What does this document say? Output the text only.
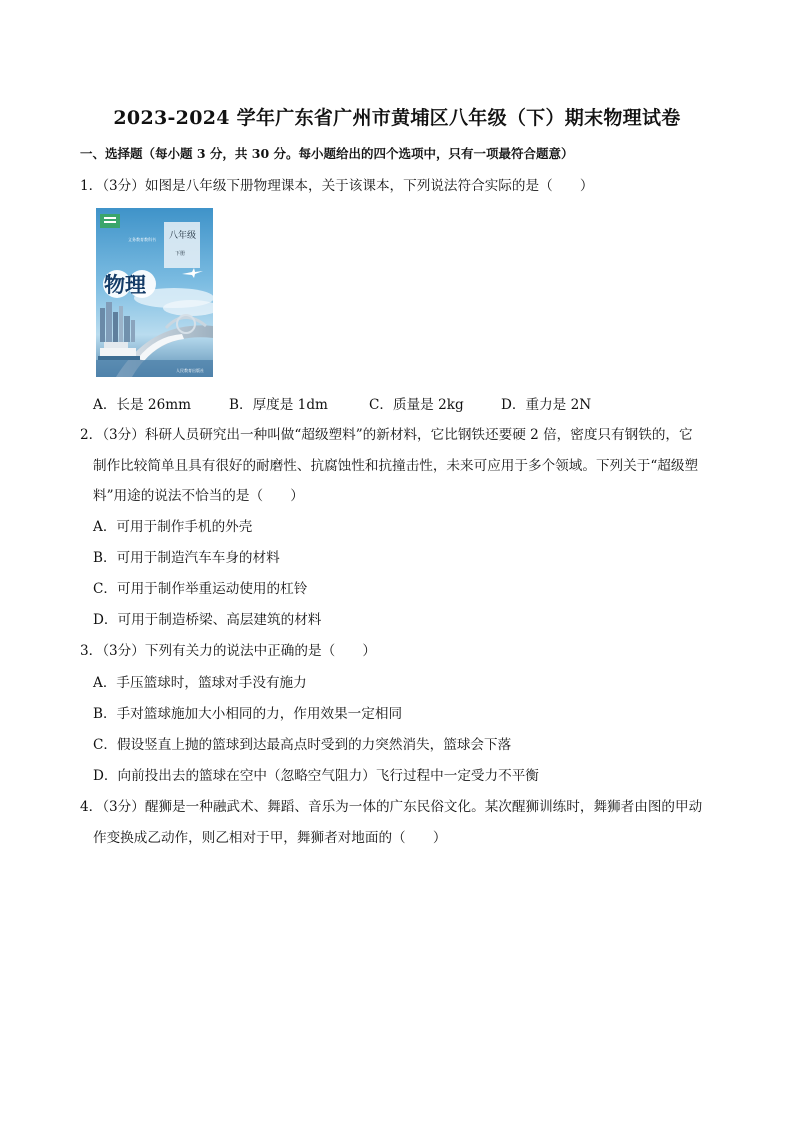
2023-2024 学年广东省广州市黄埔区八年级（下）期末物理试卷
一、选择题（每小题 3 分，共 30 分。每小题给出的四个选项中，只有一项最符合题意）
1．（3分）如图是八年级下册物理课本，关于该课本，下列说法符合实际的是（　　）
义务教育教科书 八年级
下册
物理
人民教育出版社
A．长是 26mm	B．厚度是 1dm	C．质量是 2kg	D．重力是 2N
2．（3分）科研人员研究出一种叫做“超级塑料”的新材料，它比钢铁还要硬 2 倍，密度只有钢铁的，它
制作比较简单且具有很好的耐磨性、抗腐蚀性和抗撞击性，未来可应用于多个领域。下列关于“超级塑
料”用途的说法不恰当的是（　　）
A．可用于制作手机的外壳
B．可用于制造汽车车身的材料
C．可用于制作举重运动使用的杠铃
D．可用于制造桥梁、高层建筑的材料
3．（3分）下列有关力的说法中正确的是（　　）
A．手压篮球时，篮球对手没有施力
B．手对篮球施加大小相同的力，作用效果一定相同
C．假设竖直上抛的篮球到达最高点时受到的力突然消失，篮球会下落
D．向前投出去的篮球在空中（忽略空气阻力）飞行过程中一定受力不平衡
4．（3分）醒狮是一种融武术、舞蹈、音乐为一体的广东民俗文化。某次醒狮训练时，舞狮者由图的甲动
作变换成乙动作，则乙相对于甲，舞狮者对地面的（　　）
